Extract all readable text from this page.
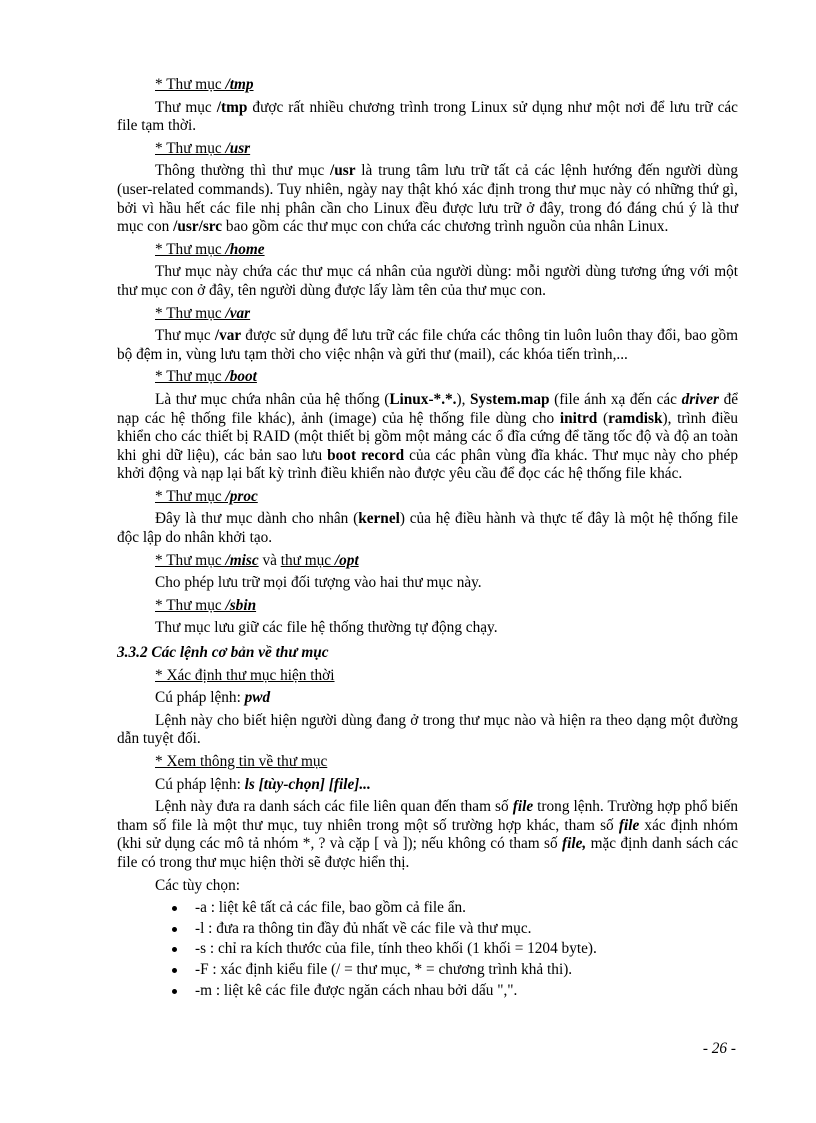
* Thư mục /tmp
Thư mục /tmp được rất nhiều chương trình trong Linux sử dụng như một nơi để lưu trữ các file tạm thời.
* Thư mục /usr
Thông thường thì thư mục /usr là trung tâm lưu trữ tất cả các lệnh hướng đến người dùng (user-related commands). Tuy nhiên, ngày nay thật khó xác định trong thư mục này có những thứ gì, bởi vì hầu hết các file nhị phân cần cho Linux đều được lưu trữ ở đây, trong đó đáng chú ý là thư mục con /usr/src bao gồm các thư mục con chứa các chương trình nguồn của nhân Linux.
* Thư mục /home
Thư mục này chứa các thư mục cá nhân của người dùng: mỗi người dùng tương ứng với một thư mục con ở đây, tên người dùng được lấy làm tên của thư mục con.
* Thư mục /var
Thư mục /var được sử dụng để lưu trữ các file chứa các thông tin luôn luôn thay đổi, bao gồm bộ đệm in, vùng lưu tạm thời cho việc nhận và gửi thư (mail), các khóa tiến trình,...
* Thư mục /boot
Là thư mục chứa nhân của hệ thống (Linux-*.*.), System.map (file ánh xạ đến các driver để nạp các hệ thống file khác), ảnh (image) của hệ thống file dùng cho initrd (ramdisk), trình điều khiển cho các thiết bị RAID (một thiết bị gồm một mảng các ổ đĩa cứng để tăng tốc độ và độ an toàn khi ghi dữ liệu), các bản sao lưu boot record của các phân vùng đĩa khác. Thư mục này cho phép khởi động và nạp lại bất kỳ trình điều khiển nào được yêu cầu để đọc các hệ thống file khác.
* Thư mục /proc
Đây là thư mục dành cho nhân (kernel) của hệ điều hành và thực tế đây là một hệ thống file độc lập do nhân khởi tạo.
* Thư mục /misc và thư mục /opt
Cho phép lưu trữ mọi đối tượng vào hai thư mục này.
* Thư mục /sbin
Thư mục lưu giữ các file hệ thống thường tự động chạy.
3.3.2 Các lệnh cơ bản về thư mục
* Xác định thư mục hiện thời
Cú pháp lệnh: pwd
Lệnh này cho biết hiện người dùng đang ở trong thư mục nào và hiện ra theo dạng một đường dẫn tuyệt đối.
* Xem thông tin về thư mục
Cú pháp lệnh: ls [tùy-chọn] [file]...
Lệnh này đưa ra danh sách các file liên quan đến tham số file trong lệnh. Trường hợp phổ biến tham số file là một thư mục, tuy nhiên trong một số trường hợp khác, tham số file xác định nhóm (khi sử dụng các mô tả nhóm *, ? và cặp [ và ]); nếu không có tham số file, mặc định danh sách các file có trong thư mục hiện thời sẽ được hiển thị.
Các tùy chọn:
-a : liệt kê tất cả các file, bao gồm cả file ẩn.
-l : đưa ra thông tin đầy đủ nhất về các file và thư mục.
-s : chỉ ra kích thước của file, tính theo khối (1 khối = 1204 byte).
-F : xác định kiểu file (/ = thư mục, * = chương trình khả thi).
-m : liệt kê các file được ngăn cách nhau bởi dấu ",".
- 26 -
